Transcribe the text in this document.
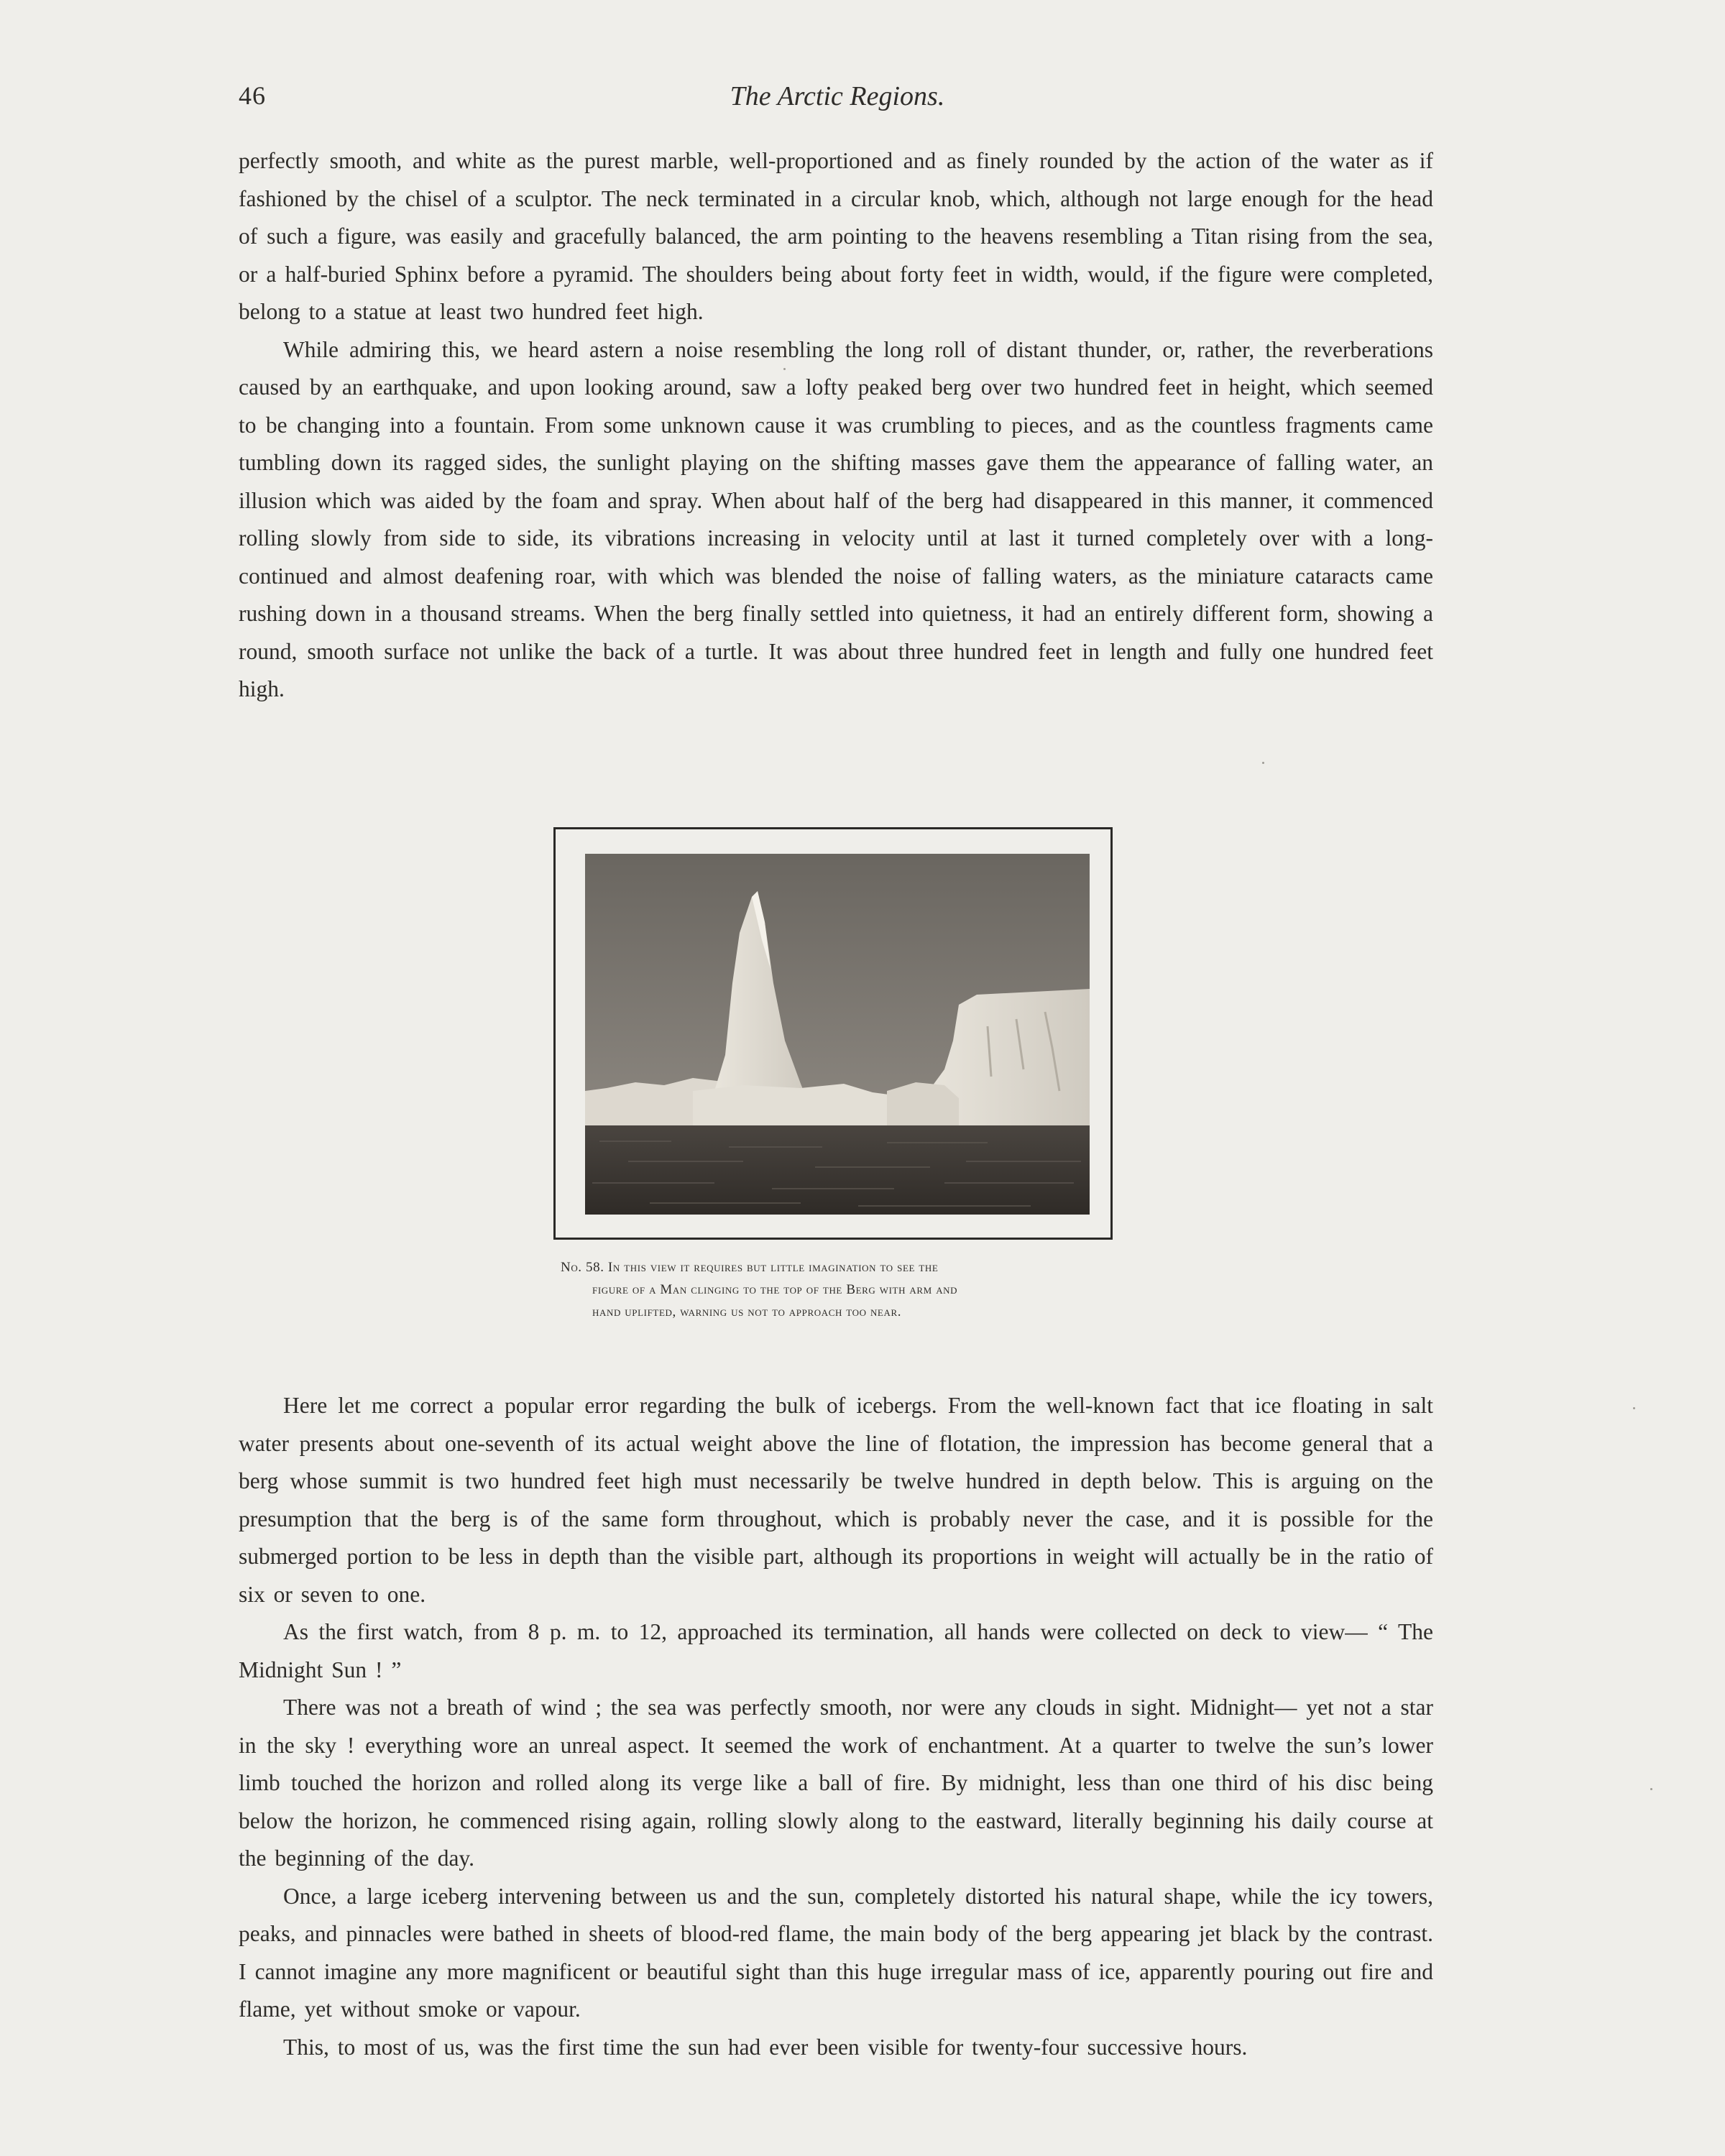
46	The Arctic Regions.

perfectly smooth, and white as the purest marble, well-proportioned and as finely rounded by the action of the water as if fashioned by the chisel of a sculptor. The neck terminated in a circular knob, which, although not large enough for the head of such a figure, was easily and gracefully balanced, the arm pointing to the heavens resembling a Titan rising from the sea, or a half-buried Sphinx before a pyramid. The shoulders being about forty feet in width, would, if the figure were completed, belong to a statue at least two hundred feet high.

While admiring this, we heard astern a noise resembling the long roll of distant thunder, or, rather, the reverberations caused by an earthquake, and upon looking around, saw a lofty peaked berg over two hundred feet in height, which seemed to be changing into a fountain. From some unknown cause it was crumbling to pieces, and as the countless fragments came tumbling down its ragged sides, the sunlight playing on the shifting masses gave them the appearance of falling water, an illusion which was aided by the foam and spray. When about half of the berg had disappeared in this manner, it commenced rolling slowly from side to side, its vibrations increasing in velocity until at last it turned completely over with a long-continued and almost deafening roar, with which was blended the noise of falling waters, as the miniature cataracts came rushing down in a thousand streams. When the berg finally settled into quietness, it had an entirely different form, showing a round, smooth surface not unlike the back of a turtle. It was about three hundred feet in length and fully one hundred feet high.

No. 58. In this view it requires but little imagination to see the
figure of a Man clinging to the top of the Berg with arm and
hand uplifted, warning us not to approach too near.

Here let me correct a popular error regarding the bulk of icebergs. From the well-known fact that ice floating in salt water presents about one-seventh of its actual weight above the line of flotation, the impression has become general that a berg whose summit is two hundred feet high must necessarily be twelve hundred in depth below. This is arguing on the presumption that the berg is of the same form throughout, which is probably never the case, and it is possible for the submerged portion to be less in depth than the visible part, although its proportions in weight will actually be in the ratio of six or seven to one.

As the first watch, from 8 p. m. to 12, approached its termination, all hands were collected on deck to view— “ The Midnight Sun ! ”

There was not a breath of wind ; the sea was perfectly smooth, nor were any clouds in sight. Midnight— yet not a star in the sky ! everything wore an unreal aspect. It seemed the work of enchantment. At a quarter to twelve the sun’s lower limb touched the horizon and rolled along its verge like a ball of fire. By midnight, less than one third of his disc being below the horizon, he commenced rising again, rolling slowly along to the eastward, literally beginning his daily course at the beginning of the day.

Once, a large iceberg intervening between us and the sun, completely distorted his natural shape, while the icy towers, peaks, and pinnacles were bathed in sheets of blood-red flame, the main body of the berg appearing jet black by the contrast. I cannot imagine any more magnificent or beautiful sight than this huge irregular mass of ice, apparently pouring out fire and flame, yet without smoke or vapour.

This, to most of us, was the first time the sun had ever been visible for twenty-four successive hours.
